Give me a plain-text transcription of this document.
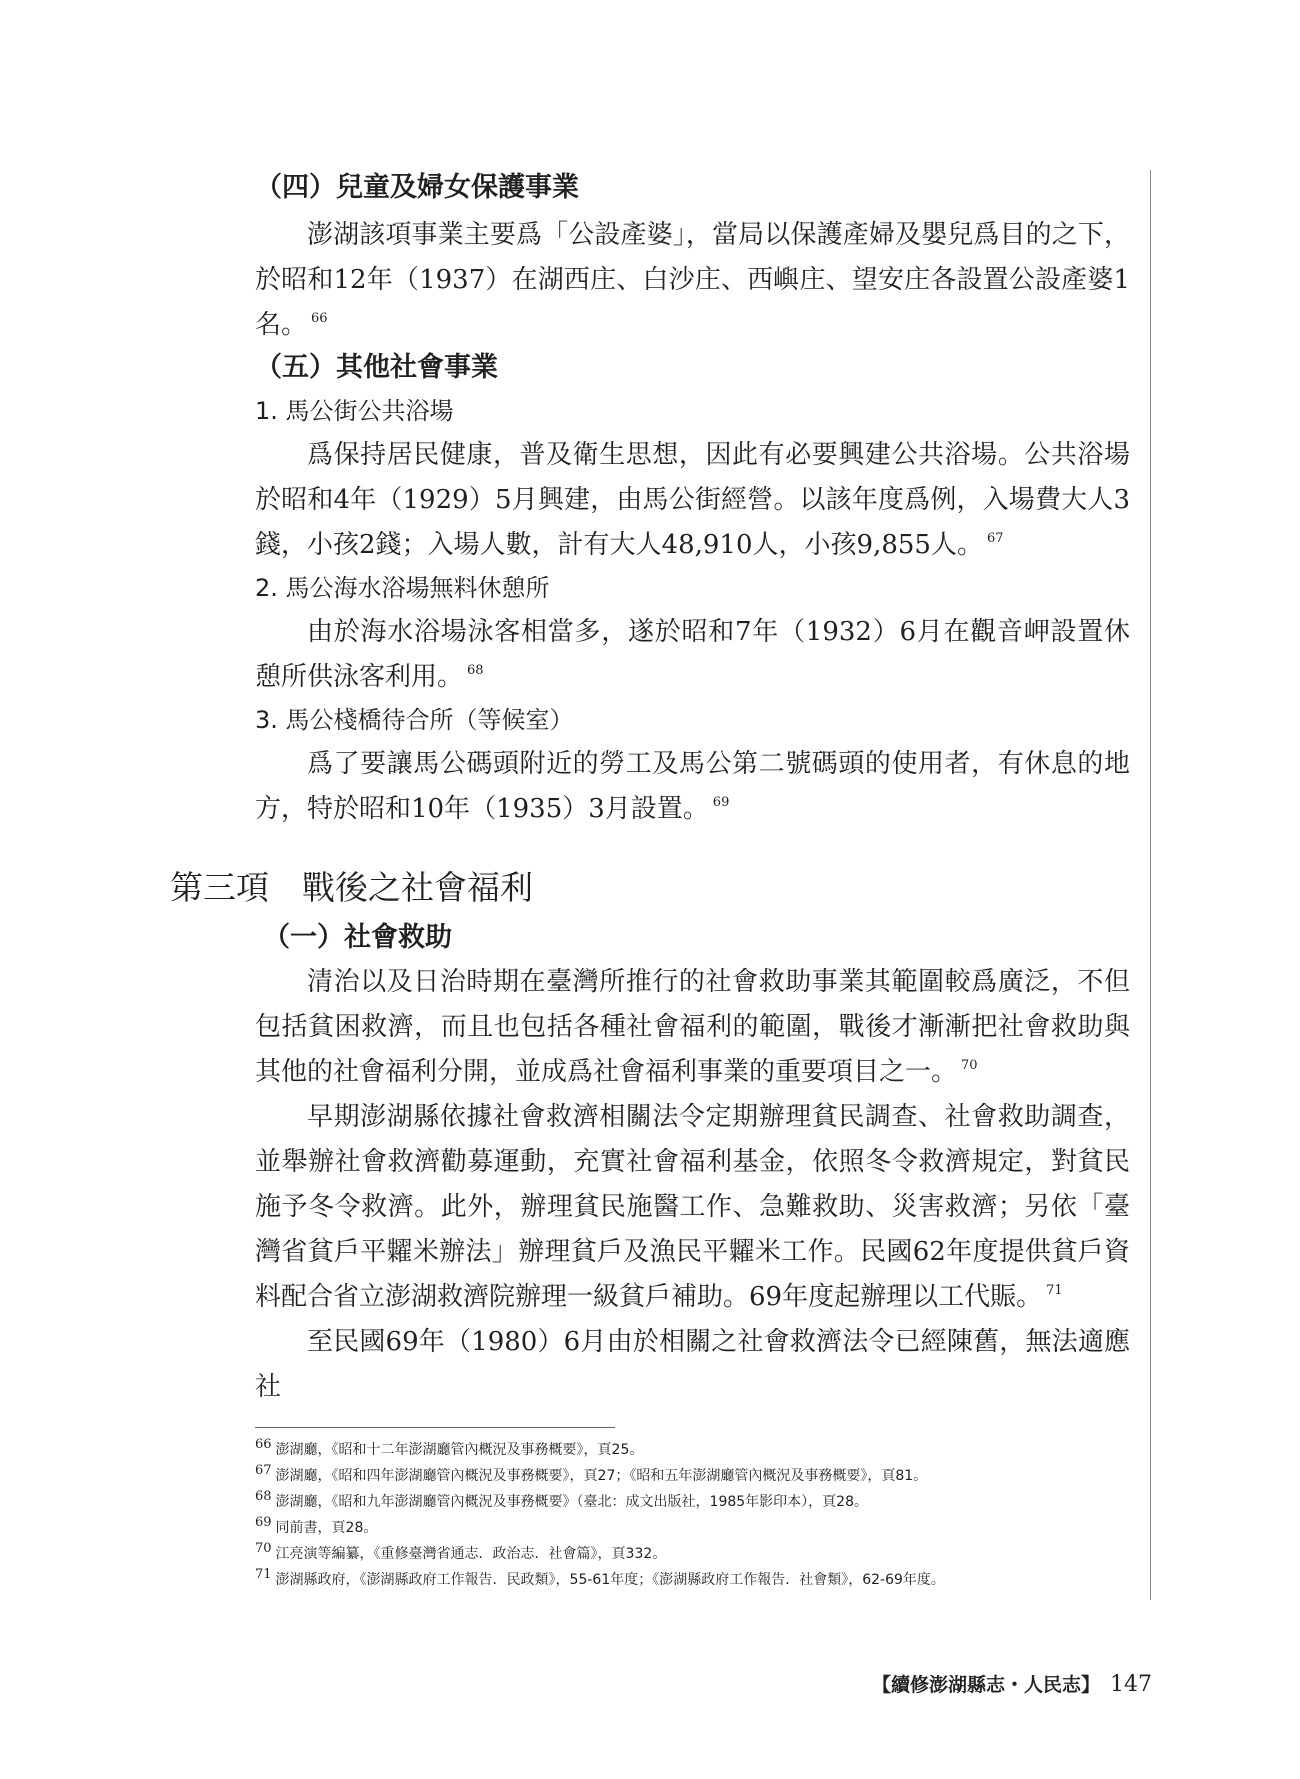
（四）兒童及婦女保護事業

澎湖該項事業主要爲「公設產婆」，當局以保護產婦及嬰兒爲目的之下，於昭和12年（1937）在湖西庄、白沙庄、西嶼庄、望安庄各設置公設產婆1名。 $^{66}$

（五）其他社會事業

1. 馬公街公共浴場

爲保持居民健康，普及衛生思想，因此有必要興建公共浴場。公共浴場於昭和4年（1929）5月興建，由馬公街經營。以該年度爲例，入場費大人3錢，小孩2錢；入場人數，計有大人48,910人，小孩9,855人。 $^{67}$

2. 馬公海水浴場無料休憩所

由於海水浴場泳客相當多，遂於昭和7年（1932）6月在觀音岬設置休憩所供泳客利用。 $^{68}$

3. 馬公棧橋待合所（等候室）

爲了要讓馬公碼頭附近的勞工及馬公第二號碼頭的使用者，有休息的地方，特於昭和10年（1935）3月設置。 $^{69}$

第三項　戰後之社會福利

（一）社會救助

清治以及日治時期在臺灣所推行的社會救助事業其範圍較爲廣泛，不但包括貧困救濟，而且也包括各種社會福利的範圍，戰後才漸漸把社會救助與其他的社會福利分開，並成爲社會福利事業的重要項目之一。 $^{70}$

早期澎湖縣依據社會救濟相關法令定期辦理貧民調查、社會救助調查，並舉辦社會救濟勸募運動，充實社會福利基金，依照冬令救濟規定，對貧民施予冬令救濟。此外，辦理貧民施醫工作、急難救助、災害救濟；另依「臺灣省貧戶平糶米辦法」辦理貧戶及漁民平糶米工作。民國62年度提供貧戶資料配合省立澎湖救濟院辦理一級貧戶補助。69年度起辦理以工代賑。 $^{71}$

至民國69年（1980）6月由於相關之社會救濟法令已經陳舊，無法適應社

$^{66}$ 澎湖廳，《昭和十二年澎湖廳管內概況及事務概要》，頁25。

$^{67}$ 澎湖廳，《昭和四年澎湖廳管內概況及事務概要》，頁27；《昭和五年澎湖廳管內概況及事務概要》，頁81。

$^{68}$ 澎湖廳，《昭和九年澎湖廳管內概況及事務概要》（臺北：成文出版社，1985年影印本），頁28。

$^{69}$ 同前書，頁28。

$^{70}$ 江亮演等編纂，《重修臺灣省通志．政治志．社會篇》，頁332。

$^{71}$ 澎湖縣政府，《澎湖縣政府工作報告．民政類》，55-61年度；《澎湖縣政府工作報告．社會類》，62-69年度。

【續修澎湖縣志・人民志】 147
